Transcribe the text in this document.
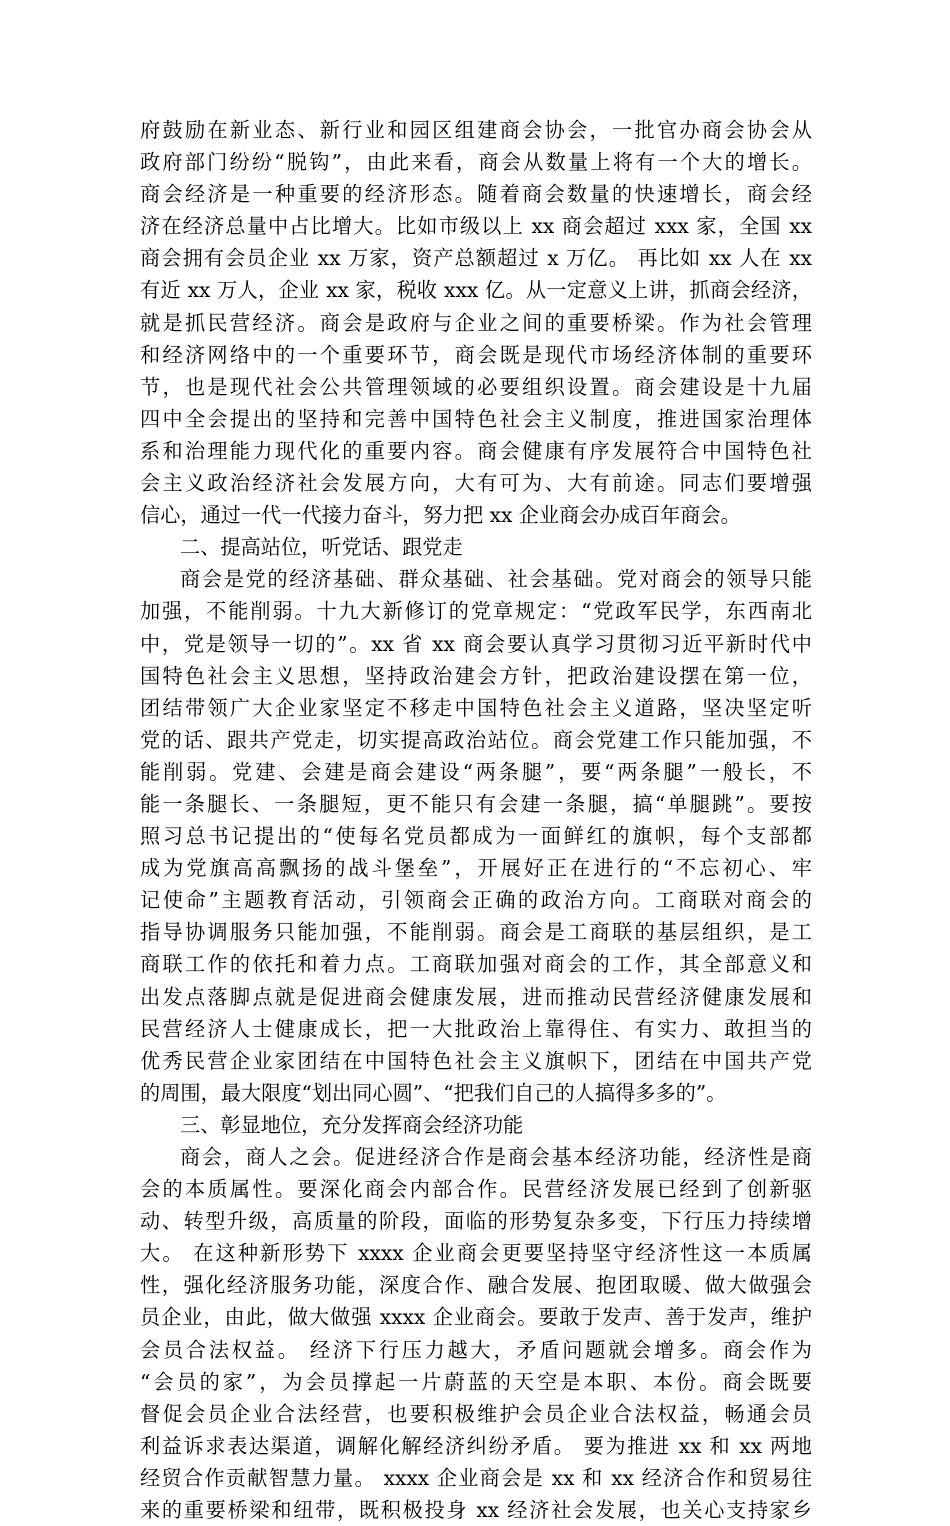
府鼓励在新业态、新行业和园区组建商会协会，一批官办商会协会从
政府部门纷纷“脱钩”，由此来看，商会从数量上将有一个大的增长。
商会经济是一种重要的经济形态。随着商会数量的快速增长，商会经
济在经济总量中占比增大。比如市级以上 xx 商会超过 xxx 家，全国 xx
商会拥有会员企业 xx 万家，资产总额超过 x 万亿。 再比如 xx 人在 xx
有近 xx 万人，企业 xx 家，税收 xxx 亿。从一定意义上讲，抓商会经济，
就是抓民营经济。商会是政府与企业之间的重要桥梁。作为社会管理
和经济网络中的一个重要环节，商会既是现代市场经济体制的重要环
节，也是现代社会公共管理领域的必要组织设置。商会建设是十九届
四中全会提出的坚持和完善中国特色社会主义制度，推进国家治理体
系和治理能力现代化的重要内容。商会健康有序发展符合中国特色社
会主义政治经济社会发展方向，大有可为、大有前途。同志们要增强
信心，通过一代一代接力奋斗，努力把 xx 企业商会办成百年商会。
二、提高站位，听党话、跟党走
商会是党的经济基础、群众基础、社会基础。党对商会的领导只能
加强，不能削弱。十九大新修订的党章规定：“党政军民学，东西南北
中，党是领导一切的”。xx 省 xx 商会要认真学习贯彻习近平新时代中
国特色社会主义思想，坚持政治建会方针，把政治建设摆在第一位，
团结带领广大企业家坚定不移走中国特色社会主义道路，坚决坚定听
党的话、跟共产党走，切实提高政治站位。商会党建工作只能加强，不
能削弱。党建、会建是商会建设“两条腿”，要“两条腿”一般长，不
能一条腿长、一条腿短，更不能只有会建一条腿，搞“单腿跳”。要按
照习总书记提出的“使每名党员都成为一面鲜红的旗帜，每个支部都
成为党旗高高飘扬的战斗堡垒”，开展好正在进行的“不忘初心、牢
记使命”主题教育活动，引领商会正确的政治方向。工商联对商会的
指导协调服务只能加强，不能削弱。商会是工商联的基层组织，是工
商联工作的依托和着力点。工商联加强对商会的工作，其全部意义和
出发点落脚点就是促进商会健康发展，进而推动民营经济健康发展和
民营经济人士健康成长，把一大批政治上靠得住、有实力、敢担当的
优秀民营企业家团结在中国特色社会主义旗帜下，团结在中国共产党
的周围，最大限度“划出同心圆”、“把我们自己的人搞得多多的”。
三、彰显地位，充分发挥商会经济功能
商会，商人之会。促进经济合作是商会基本经济功能，经济性是商
会的本质属性。要深化商会内部合作。民营经济发展已经到了创新驱
动、转型升级，高质量的阶段，面临的形势复杂多变，下行压力持续增
大。 在这种新形势下 xxxx 企业商会更要坚持坚守经济性这一本质属
性，强化经济服务功能，深度合作、融合发展、抱团取暖、做大做强会
员企业，由此，做大做强 xxxx 企业商会。要敢于发声、善于发声，维护
会员合法权益。 经济下行压力越大，矛盾问题就会增多。商会作为
“会员的家”，为会员撑起一片蔚蓝的天空是本职、本份。商会既要
督促会员企业合法经营，也要积极维护会员企业合法权益，畅通会员
利益诉求表达渠道，调解化解经济纠纷矛盾。 要为推进 xx 和 xx 两地
经贸合作贡献智慧力量。 xxxx 企业商会是 xx 和 xx 经济合作和贸易往
来的重要桥梁和纽带，既积极投身 xx 经济社会发展，也关心支持家乡
